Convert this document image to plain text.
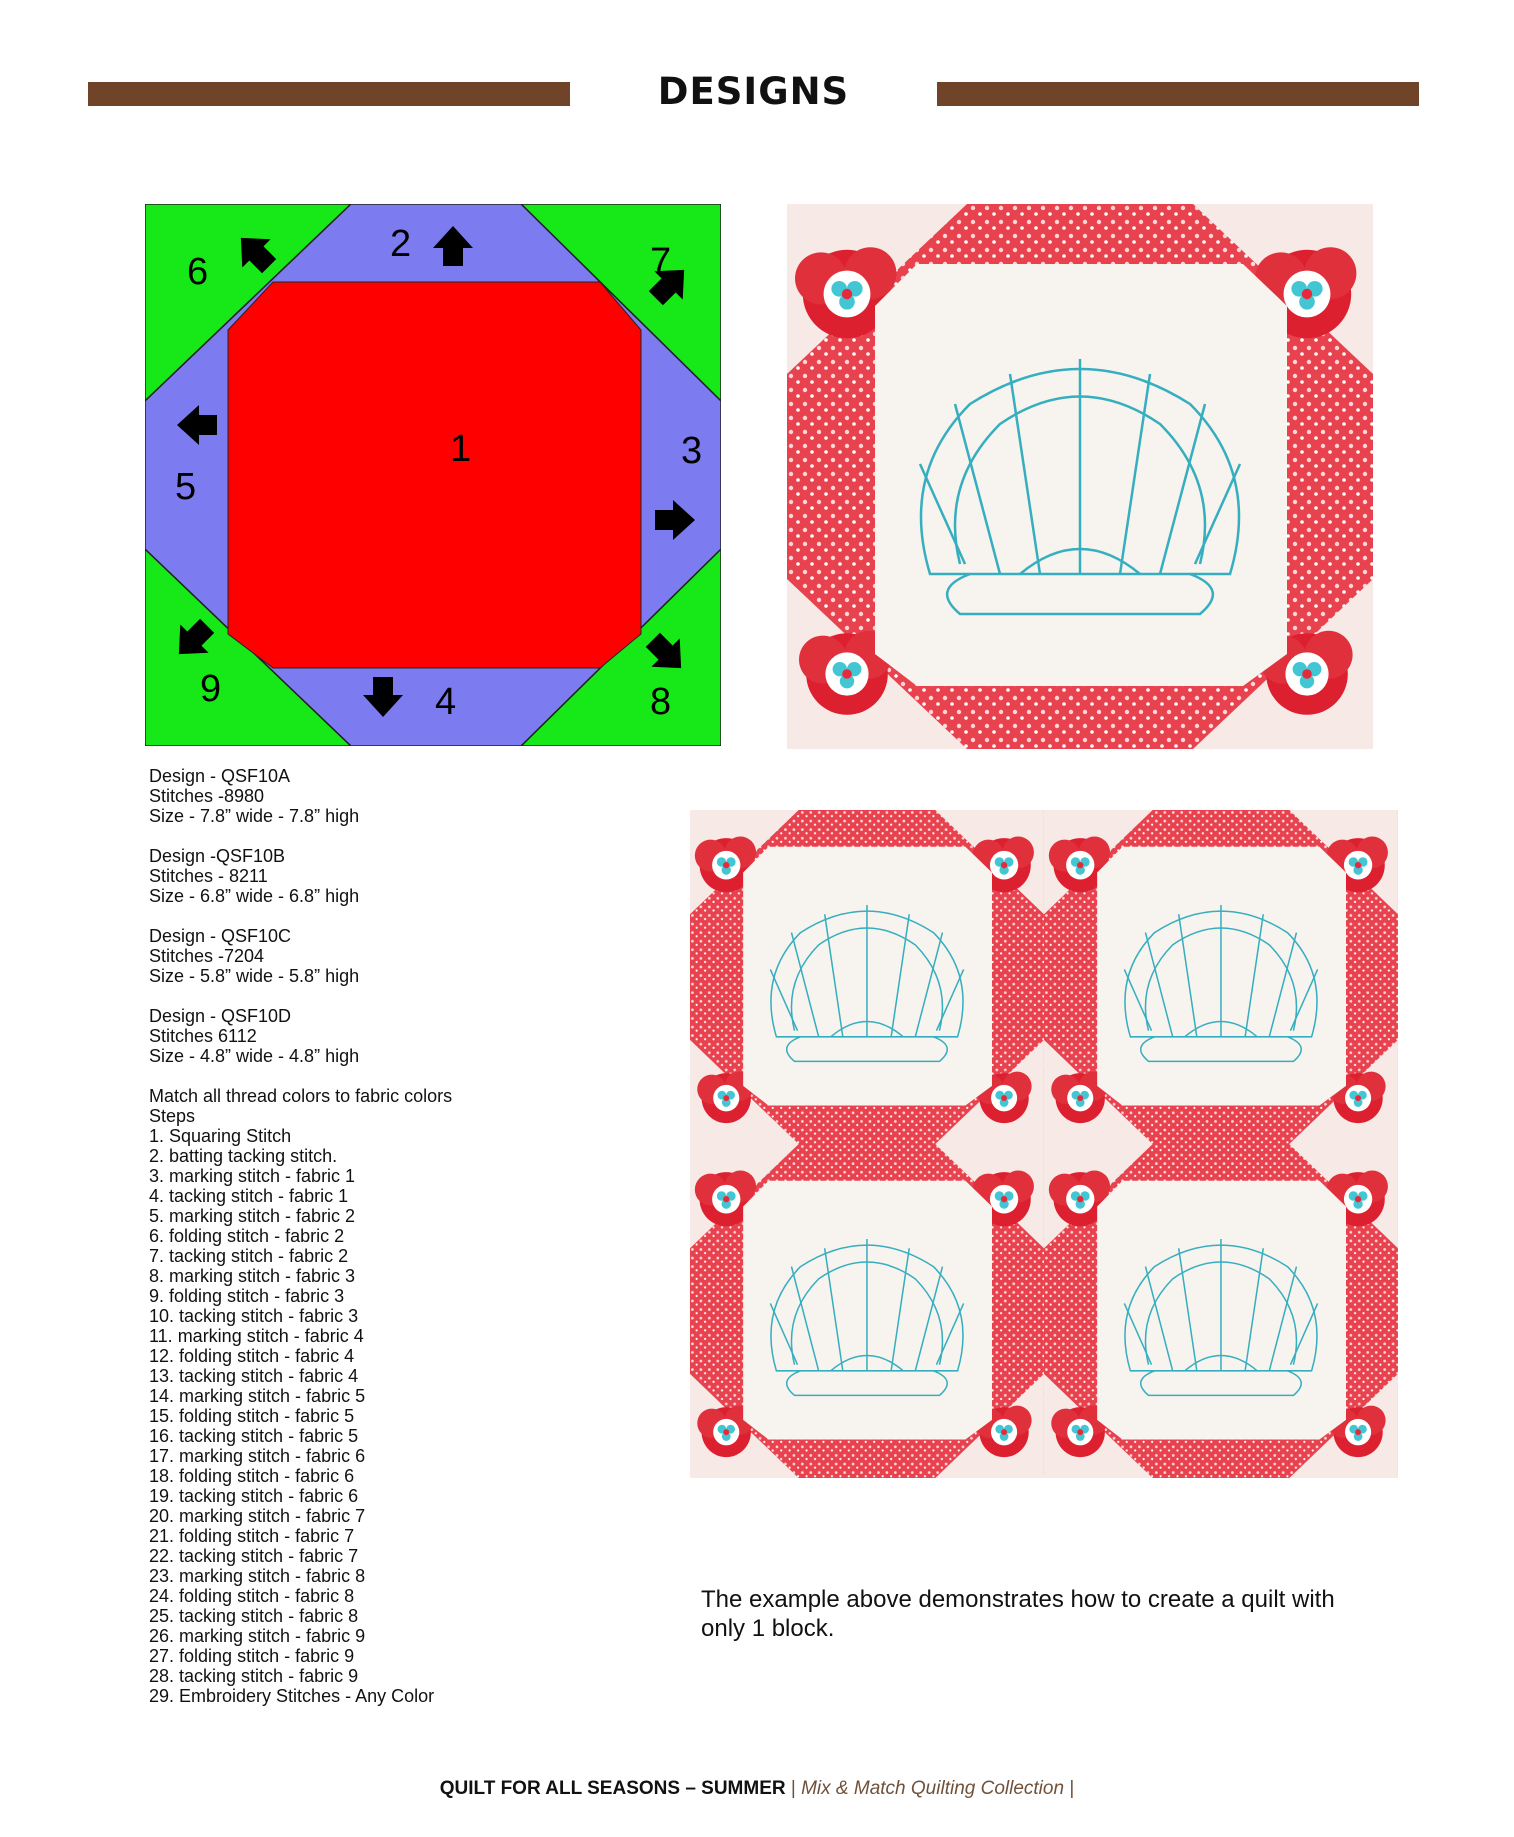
DESIGNS
1
2
3
4
5
6	7
8
9
Design - QSF10A
Stitches -8980
Size - 7.8” wide - 7.8” high
Design -QSF10B
Stitches - 8211
Size - 6.8” wide - 6.8” high
Design - QSF10C
Stitches -7204
Size - 5.8” wide - 5.8” high
Design - QSF10D
Stitches 6112
Size - 4.8” wide - 4.8” high
Match all thread colors to fabric colors
Steps
1. Squaring Stitch
2. batting tacking stitch.
3. marking stitch - fabric 1
4. tacking stitch - fabric 1
5. marking stitch - fabric 2
6. folding stitch - fabric 2
7. tacking stitch - fabric 2
8. marking stitch - fabric 3
9. folding stitch - fabric 3
10. tacking stitch - fabric 3
11. marking stitch - fabric 4
12. folding stitch - fabric 4
13. tacking stitch - fabric 4
14. marking stitch - fabric 5
15. folding stitch - fabric 5
16. tacking stitch - fabric 5
17. marking stitch - fabric 6
18. folding stitch - fabric 6
19. tacking stitch - fabric 6
20. marking stitch - fabric 7
21. folding stitch - fabric 7
22. tacking stitch - fabric 7
23. marking stitch - fabric 8
24. folding stitch - fabric 8
25. tacking stitch - fabric 8
26. marking stitch - fabric 9
27. folding stitch - fabric 9
28. tacking stitch - fabric 9
29. Embroidery Stitches - Any Color
The example above demonstrates how to create a quilt with only 1 block.
QUILT FOR ALL SEASONS – SUMMER | Mix & Match Quilting Collection |
